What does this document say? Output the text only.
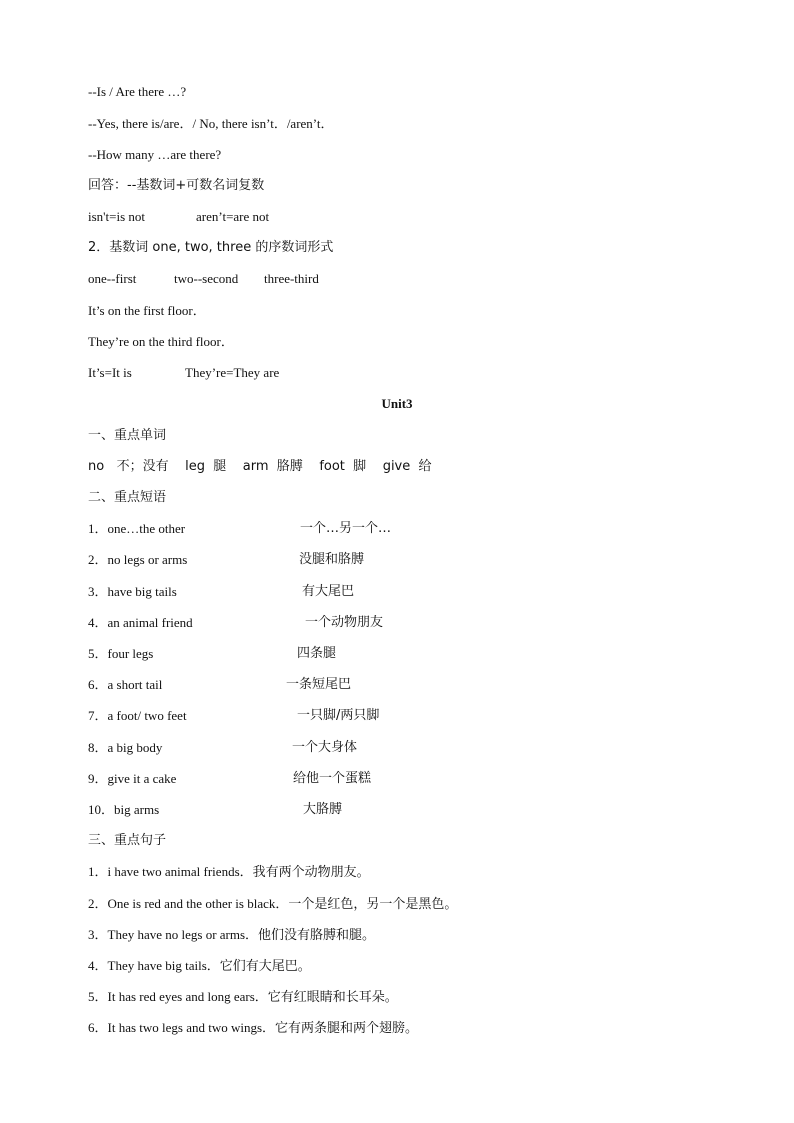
--Is / Are there …?
--Yes, there is/are．/ No, there isn’t．/aren’t．
--How many …are there?
回答：--基数词+可数名词复数
isn't=is not	aren’t=are not
2．基数词 one, two, three 的序数词形式
one--first	two--second three-third
It’s on the first floor．
They’re on the third floor．
It’s=It is	They’re=They are
Unit3
一、重点单词
no   不；没有    leg  腿    arm  胳膊    foot  脚    give  给
二、重点短语
1．one…the other	一个…另一个…
2．no legs or arms	没腿和胳膊
3．have big tails	有大尾巴
4．an animal friend	一个动物朋友
5．four legs	四条腿
6．a short tail	一条短尾巴
7．a foot/ two feet	一只脚/两只脚
8．a big body	一个大身体
9．give it a cake	给他一个蛋糕
10．big arms	大胳膊
三、重点句子
1．i have two animal friends．我有两个动物朋友。
2．One is red and the other is black．一个是红色，另一个是黑色。
3．They have no legs or arms．他们没有胳膊和腿。
4．They have big tails．它们有大尾巴。
5．It has red eyes and long ears．它有红眼睛和长耳朵。
6．It has two legs and two wings．它有两条腿和两个翅膀。
